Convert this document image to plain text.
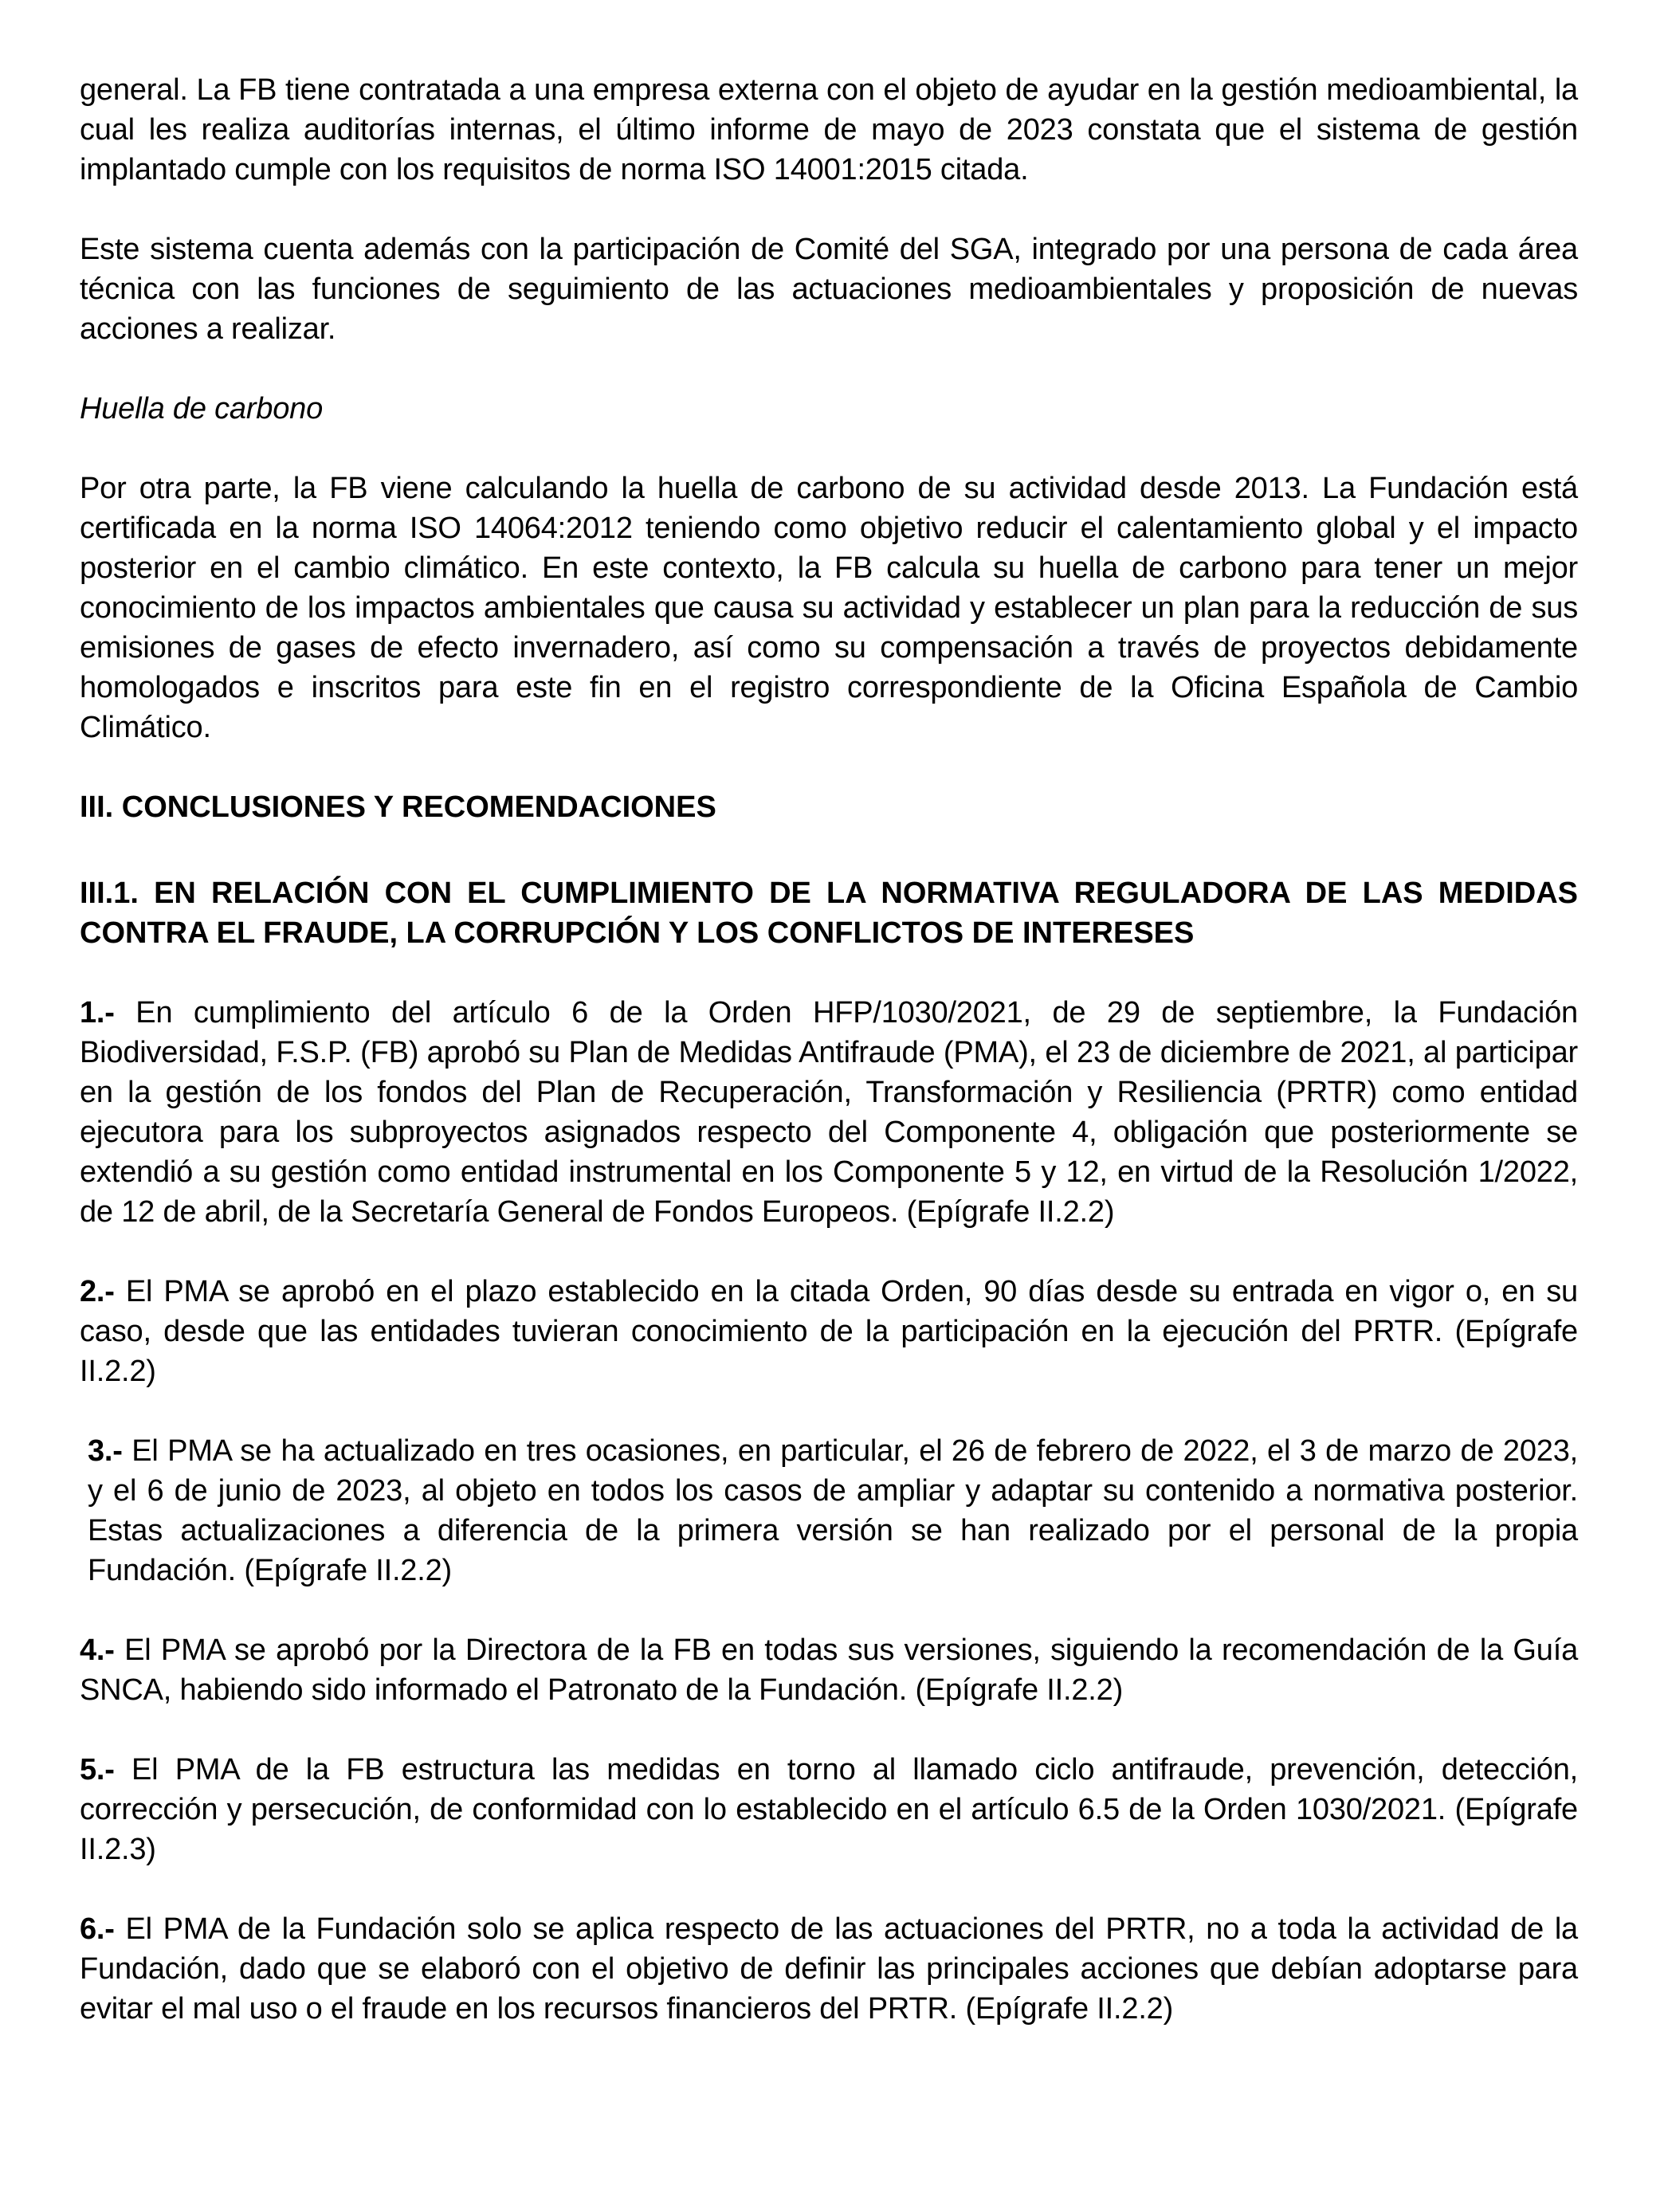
general. La FB tiene contratada a una empresa externa con el objeto de ayudar en la gestión medioambiental, la cual les realiza auditorías internas, el último informe de mayo de 2023 constata que el sistema de gestión implantado cumple con los requisitos de norma ISO 14001:2015 citada.

Este sistema cuenta además con la participación de Comité del SGA, integrado por una persona de cada área técnica con las funciones de seguimiento de las actuaciones medioambientales y proposición de nuevas acciones a realizar.

Huella de carbono

Por otra parte, la FB viene calculando la huella de carbono de su actividad desde 2013. La Fundación está certificada en la norma ISO 14064:2012 teniendo como objetivo reducir el calentamiento global y el impacto posterior en el cambio climático. En este contexto, la FB calcula su huella de carbono para tener un mejor conocimiento de los impactos ambientales que causa su actividad y establecer un plan para la reducción de sus emisiones de gases de efecto invernadero, así como su compensación a través de proyectos debidamente homologados e inscritos para este fin en el registro correspondiente de la Oficina Española de Cambio Climático.

III. CONCLUSIONES Y RECOMENDACIONES

III.1. EN RELACIÓN CON EL CUMPLIMIENTO DE LA NORMATIVA REGULADORA DE LAS MEDIDAS CONTRA EL FRAUDE, LA CORRUPCIÓN Y LOS CONFLICTOS DE INTERESES

1.- En cumplimiento del artículo 6 de la Orden HFP/1030/2021, de 29 de septiembre, la Fundación Biodiversidad, F.S.P. (FB) aprobó su Plan de Medidas Antifraude (PMA), el 23 de diciembre de 2021, al participar en la gestión de los fondos del Plan de Recuperación, Transformación y Resiliencia (PRTR) como entidad ejecutora para los subproyectos asignados respecto del Componente 4, obligación que posteriormente se extendió a su gestión como entidad instrumental en los Componente 5 y 12, en virtud de la Resolución 1/2022, de 12 de abril, de la Secretaría General de Fondos Europeos. (Epígrafe II.2.2)

2.- El PMA se aprobó en el plazo establecido en la citada Orden, 90 días desde su entrada en vigor o, en su caso, desde que las entidades tuvieran conocimiento de la participación en la ejecución del PRTR. (Epígrafe II.2.2)

3.- El PMA se ha actualizado en tres ocasiones, en particular, el 26 de febrero de 2022, el 3 de marzo de 2023, y el 6 de junio de 2023, al objeto en todos los casos de ampliar y adaptar su contenido a normativa posterior. Estas actualizaciones a diferencia de la primera versión se han realizado por el personal de la propia Fundación. (Epígrafe II.2.2)

4.- El PMA se aprobó por la Directora de la FB en todas sus versiones, siguiendo la recomendación de la Guía SNCA, habiendo sido informado el Patronato de la Fundación. (Epígrafe II.2.2)

5.- El PMA de la FB estructura las medidas en torno al llamado ciclo antifraude, prevención, detección, corrección y persecución, de conformidad con lo establecido en el artículo 6.5 de la Orden 1030/2021. (Epígrafe II.2.3)

6.- El PMA de la Fundación solo se aplica respecto de las actuaciones del PRTR, no a toda la actividad de la Fundación, dado que se elaboró con el objetivo de definir las principales acciones que debían adoptarse para evitar el mal uso o el fraude en los recursos financieros del PRTR. (Epígrafe II.2.2)
